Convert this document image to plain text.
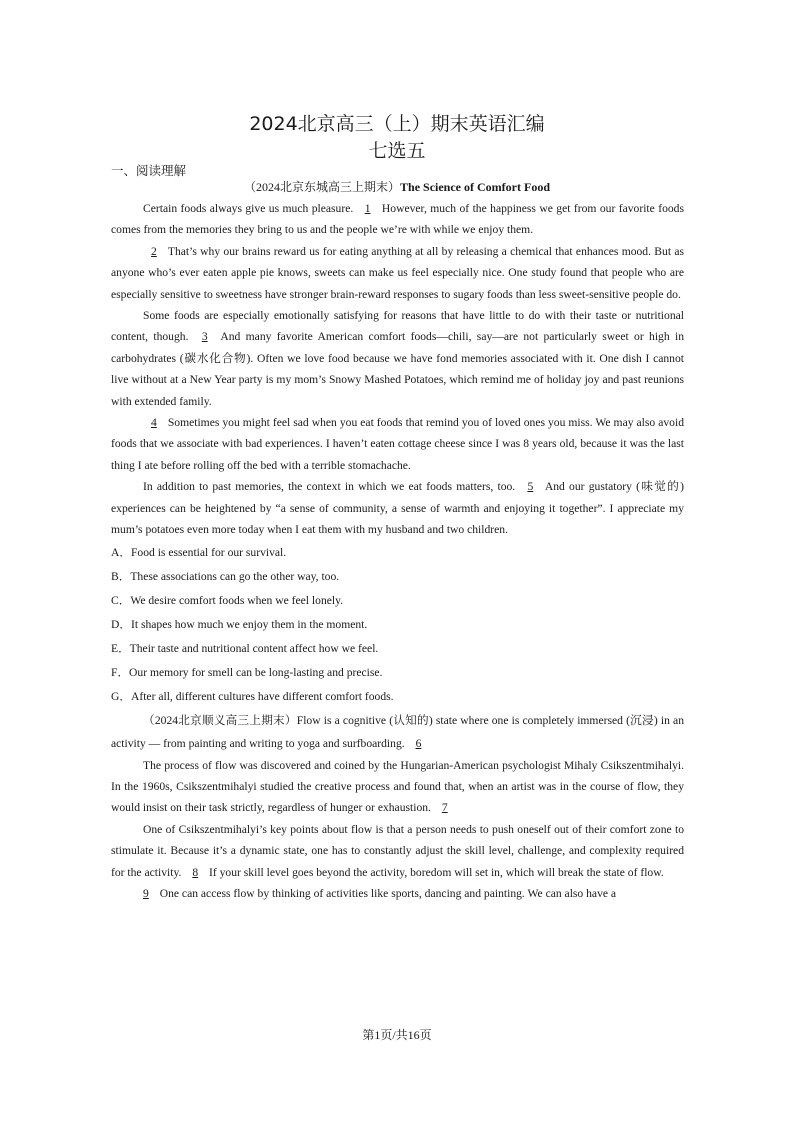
2024北京高三（上）期末英语汇编
七选五
一、阅读理解
（2024北京东城高三上期末）The Science of Comfort Food

Certain foods always give us much pleasure. 1 However, much of the happiness we get from our favorite foods comes from the memories they bring to us and the people we’re with while we enjoy them.

2 That’s why our brains reward us for eating anything at all by releasing a chemical that enhances mood. But as anyone who’s ever eaten apple pie knows, sweets can make us feel especially nice. One study found that people who are especially sensitive to sweetness have stronger brain-reward responses to sugary foods than less sweet-sensitive people do.

Some foods are especially emotionally satisfying for reasons that have little to do with their taste or nutritional content, though. 3 And many favorite American comfort foods—chili, say—are not particularly sweet or high in carbohydrates (碳水化合物). Often we love food because we have fond memories associated with it. One dish I cannot live without at a New Year party is my mom’s Snowy Mashed Potatoes, which remind me of holiday joy and past reunions with extended family.

4 Sometimes you might feel sad when you eat foods that remind you of loved ones you miss. We may also avoid foods that we associate with bad experiences. I haven’t eaten cottage cheese since I was 8 years old, because it was the last thing I ate before rolling off the bed with a terrible stomachache.

In addition to past memories, the context in which we eat foods matters, too. 5 And our gustatory (味觉的) experiences can be heightened by “a sense of community, a sense of warmth and enjoying it together”. I appreciate my mum’s potatoes even more today when I eat them with my husband and two children.

A．Food is essential for our survival.

B．These associations can go the other way, too.

C．We desire comfort foods when we feel lonely.

D．It shapes how much we enjoy them in the moment.

E．Their taste and nutritional content affect how we feel.

F．Our memory for smell can be long-lasting and precise.

G．After all, different cultures have different comfort foods.

（2024北京顺义高三上期末）Flow is a cognitive (认知的) state where one is completely immersed (沉浸) in an activity — from painting and writing to yoga and surfboarding. 6

The process of flow was discovered and coined by the Hungarian-American psychologist Mihaly Csikszentmihalyi. In the 1960s, Csikszentmihalyi studied the creative process and found that, when an artist was in the course of flow, they would insist on their task strictly, regardless of hunger or exhaustion. 7

One of Csikszentmihalyi’s key points about flow is that a person needs to push oneself out of their comfort zone to stimulate it. Because it’s a dynamic state, one has to constantly adjust the skill level, challenge, and complexity required for the activity. 8 If your skill level goes beyond the activity, boredom will set in, which will break the state of flow.

9 One can access flow by thinking of activities like sports, dancing and painting. We can also have a

第1页/共16页
